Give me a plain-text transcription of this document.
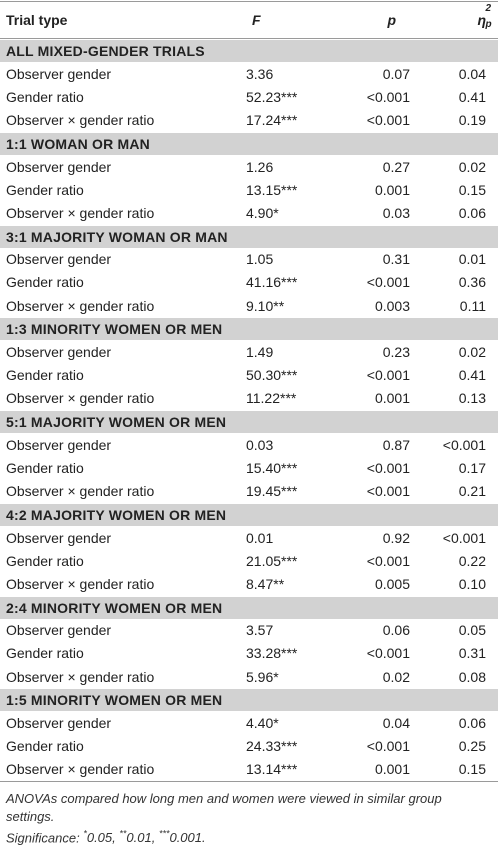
Trial type	F	p	η
2
p
ALL MIXED-GENDER TRIALS
Observer gender	3.36	0.07	0.04
Gender ratio	52.23***	<0.001	0.41
Observer × gender ratio	17.24***	<0.001	0.19
1:1 WOMAN OR MAN
Observer gender	1.26	0.27	0.02
Gender ratio	13.15***	0.001	0.15
Observer × gender ratio	4.90*	0.03	0.06
3:1 MAJORITY WOMAN OR MAN
Observer gender	1.05	0.31	0.01
Gender ratio	41.16***	<0.001	0.36
Observer × gender ratio	9.10**	0.003	0.11
1:3 MINORITY WOMEN OR MEN
Observer gender	1.49	0.23	0.02
Gender ratio	50.30***	<0.001	0.41
Observer × gender ratio	11.22***	0.001	0.13
5:1 MAJORITY WOMEN OR MEN
Observer gender	0.03	0.87	<0.001
Gender ratio	15.40***	<0.001	0.17
Observer × gender ratio	19.45***	<0.001	0.21
4:2 MAJORITY WOMEN OR MEN
Observer gender	0.01	0.92	<0.001
Gender ratio	21.05***	<0.001	0.22
Observer × gender ratio	8.47**	0.005	0.10
2:4 MINORITY WOMEN OR MEN
Observer gender	3.57	0.06	0.05
Gender ratio	33.28***	<0.001	0.31
Observer × gender ratio	5.96*	0.02	0.08
1:5 MINORITY WOMEN OR MEN
Observer gender	4.40*	0.04	0.06
Gender ratio	24.33***	<0.001	0.25
Observer × gender ratio	13.14***	0.001	0.15
ANOVAs compared how long men and women were viewed in similar group settings.
Significance: *0.05, **0.01, ***0.001.
